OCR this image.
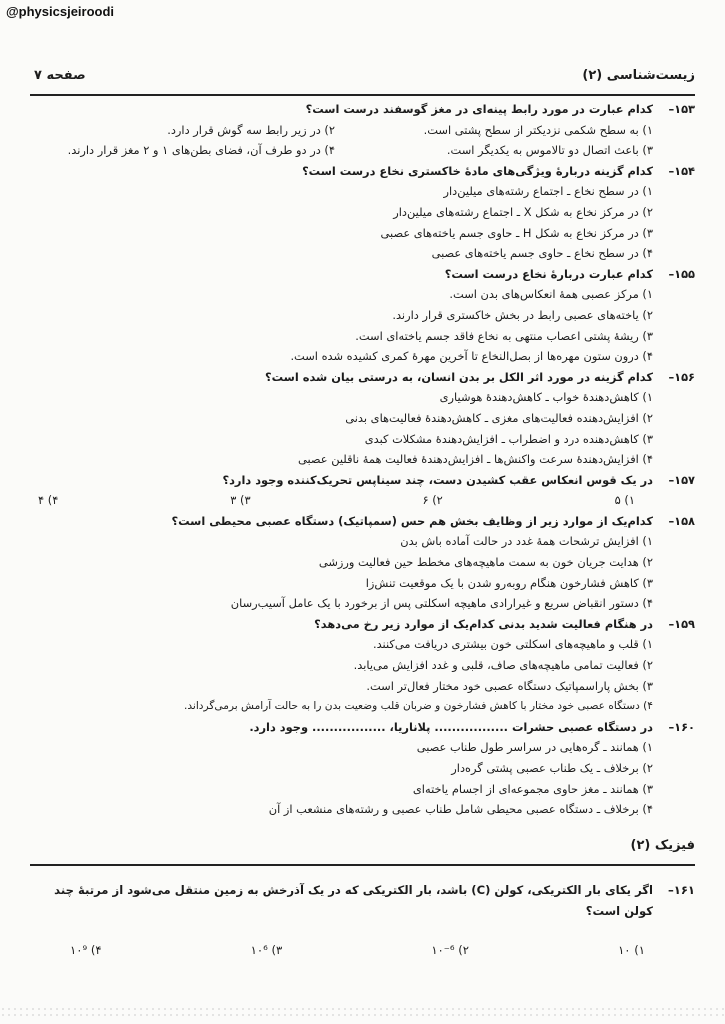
@physicsjeiroodi
زیست‌شناسی (۲)
صفحه ۷
۱۵۳–
کدام عبارت در مورد رابط پینه‌ای در مغز گوسفند درست است؟
۱) به سطح شکمی نزدیکتر از سطح پشتی است.
۲) در زیر رابط سه گوش قرار دارد.
۳) باعث اتصال دو تالاموس به یکدیگر است.
۴) در دو طرف آن، فضای بطن‌های ۱ و ۲ مغز قرار دارند.
۱۵۴–
کدام گزینه دربارهٔ ویژگی‌های مادهٔ خاکستری نخاع درست است؟
۱) در سطح نخاع ـ اجتماع رشته‌های میلین‌دار
۲) در مرکز نخاع به شکل X ـ اجتماع رشته‌های میلین‌دار
۳) در مرکز نخاع به شکل H ـ حاوی جسم یاخته‌های عصبی
۴) در سطح نخاع ـ حاوی جسم یاخته‌های عصبی
۱۵۵–
کدام عبارت دربارهٔ نخاع درست است؟
۱) مرکز عصبی همهٔ انعکاس‌های بدن است.
۲) یاخته‌های عصبی رابط در بخش خاکستری قرار دارند.
۳) ریشهٔ پشتی اعصاب منتهی به نخاع فاقد جسم یاخته‌ای است.
۴) درون ستون مهره‌ها از بصل‌النخاع تا آخرین مهرهٔ کمری کشیده شده است.
۱۵۶–
کدام گزینه در مورد اثر الکل بر بدن انسان، به درستی بیان شده است؟
۱) کاهش‌دهندهٔ خواب ـ کاهش‌دهندهٔ هوشیاری
۲) افزایش‌دهنده فعالیت‌های مغزی ـ کاهش‌دهندهٔ فعالیت‌های بدنی
۳) کاهش‌دهنده درد و اضطراب ـ افزایش‌دهندهٔ مشکلات کبدی
۴) افزایش‌دهندهٔ سرعت واکنش‌ها ـ افزایش‌دهندهٔ فعالیت همهٔ ناقلین عصبی
۱۵۷–
در یک قوس انعکاس عقب کشیدن دست، چند سیناپس تحریک‌کننده وجود دارد؟
۱) ۵
۲) ۶
۳) ۳
۴) ۴
۱۵۸–
کدام‌یک از موارد زیر از وظایف بخش هم حس (سمپاتیک) دستگاه عصبی محیطی است؟
۱) افزایش ترشحات همهٔ غدد در حالت آماده باش بدن
۲) هدایت جریان خون به سمت ماهیچه‌های مخطط حین فعالیت ورزشی
۳) کاهش فشارخون هنگام روبه‌رو شدن با یک موقعیت تنش‌زا
۴) دستور انقباض سریع و غیرارادی ماهیچه اسکلتی پس از برخورد با یک عامل آسیب‌رسان
۱۵۹–
در هنگام فعالیت شدید بدنی کدام‌یک از موارد زیر رخ می‌دهد؟
۱) قلب و ماهیچه‌های اسکلتی خون بیشتری دریافت می‌کنند.
۲) فعالیت تمامی ماهیچه‌های صاف، قلبی و غدد افزایش می‌یابد.
۳) بخش پاراسمپاتیک دستگاه عصبی خود مختار فعال‌تر است.
۴) دستگاه عصبی خود مختار با کاهش فشارخون و ضربان قلب وضعیت بدن را به حالت آرامش برمی‌گرداند.
۱۶۰–
در دستگاه عصبی حشرات ................. پلاناریا، ................. وجود دارد.
۱) همانند ـ گره‌هایی در سراسر طول طناب عصبی
۲) برخلاف ـ یک طناب عصبی پشتی گره‌دار
۳) همانند ـ مغز حاوی مجموعه‌ای از اجسام یاخته‌ای
۴) برخلاف ـ دستگاه عصبی محیطی شامل طناب عصبی و رشته‌های منشعب از آن
فیزیک (۲)
۱۶۱–
اگر یکای بار الکتریکی، کولن (C) باشد، بار الکتریکی که در یک آذرخش به زمین منتقل می‌شود از مرتبهٔ چند کولن است؟
۱) ۱۰
۲) ۱۰⁻⁶
۳) ۱۰⁶
۴) ۱۰⁹
